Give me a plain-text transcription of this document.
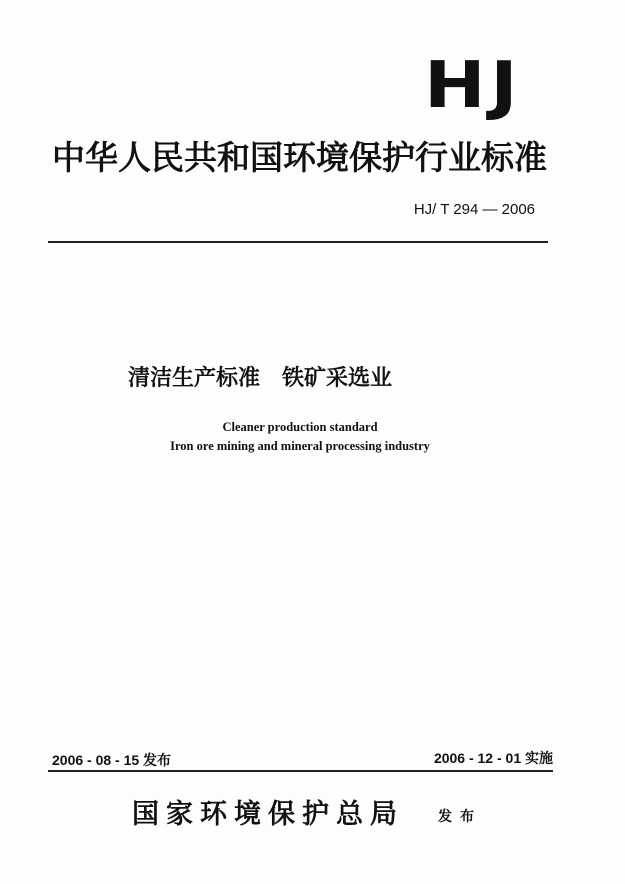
HJ
中华人民共和国环境保护行业标准
HJ/ T 294 — 2006
清洁生产标准 铁矿采选业
Cleaner production standard
Iron ore mining and mineral processing industry
2006 - 08 - 15 发布	2006 - 12 - 01 实施
国家环境保护总局 发布
